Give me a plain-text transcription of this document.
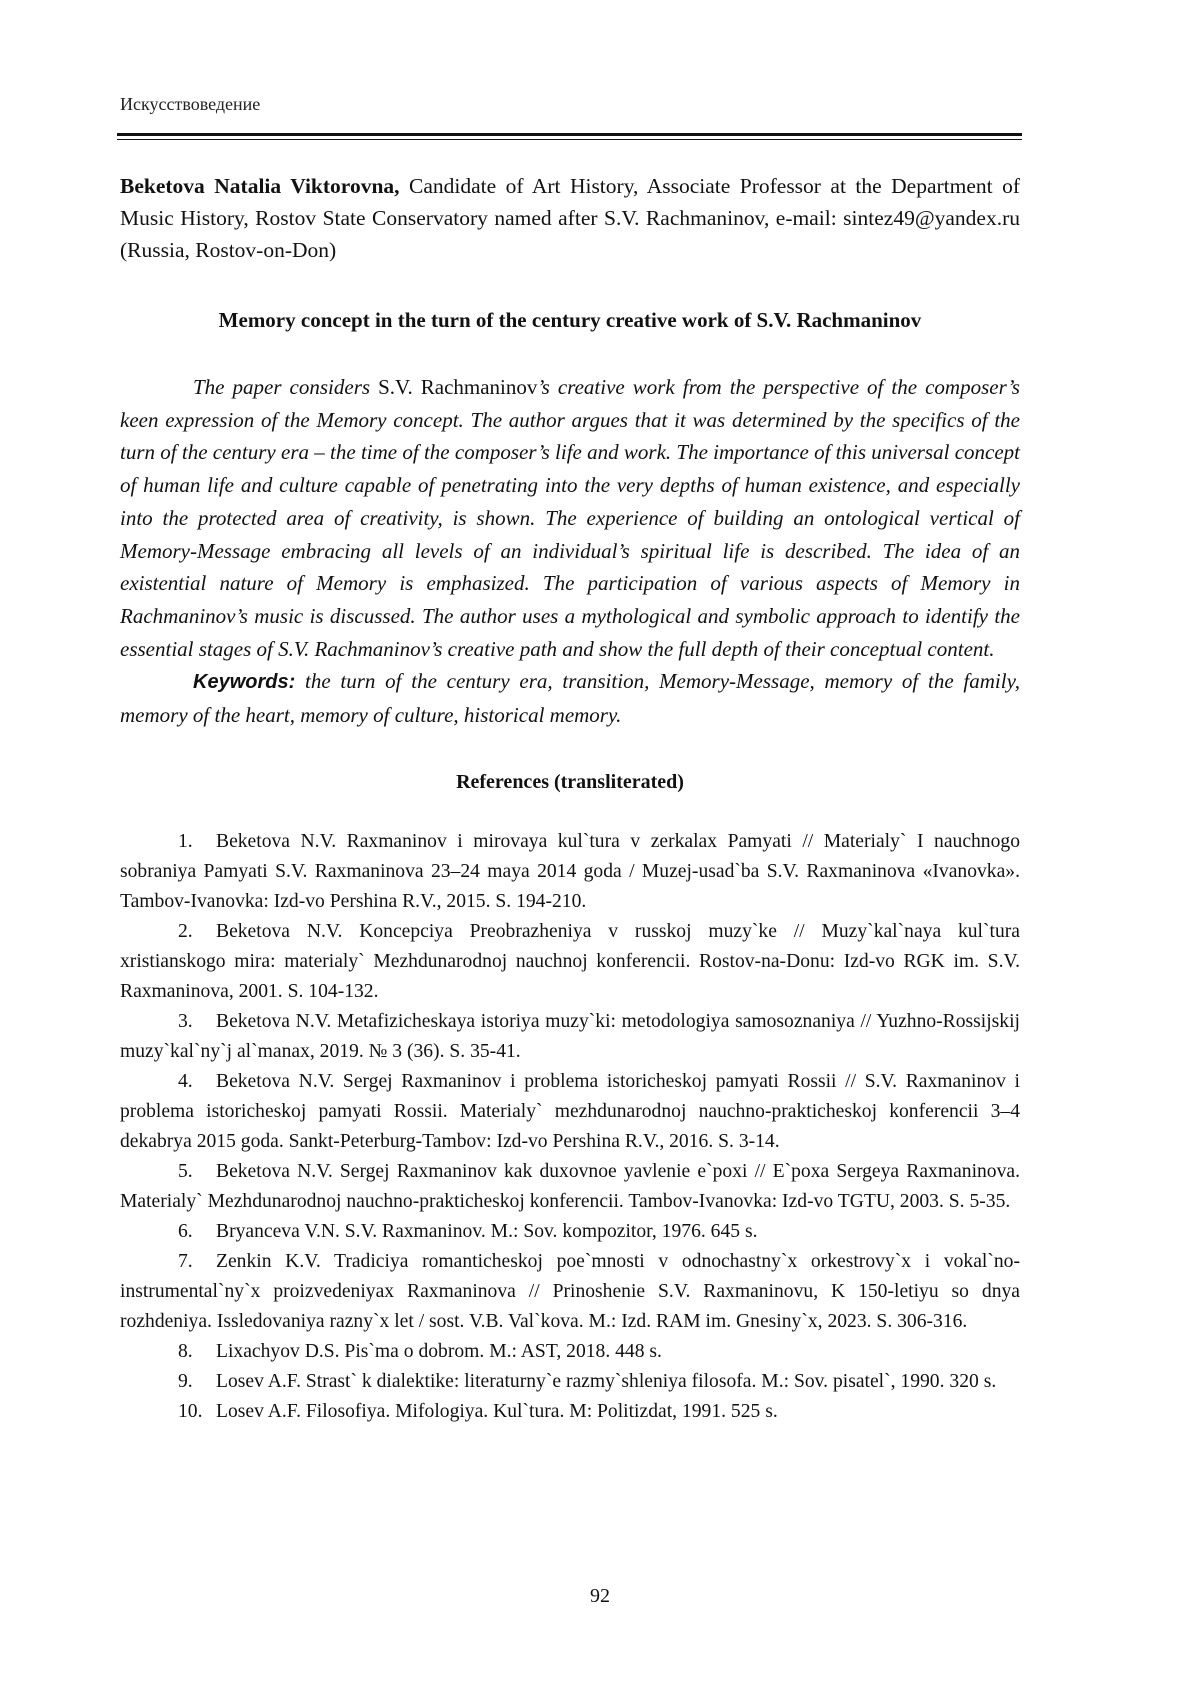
Искусствоведение

Beketova Natalia Viktorovna, Candidate of Art History, Associate Professor at the Department of Music History, Rostov State Conservatory named after S.V. Rachmaninov, e-mail: sintez49@yandex.ru (Russia, Rostov-on-Don)

Memory concept in the turn of the century creative work of S.V. Rachmaninov

The paper considers S.V. Rachmaninov’s creative work from the perspective of the composer’s keen expression of the Memory concept. The author argues that it was determined by the specifics of the turn of the century era – the time of the composer’s life and work. The importance of this universal concept of human life and culture capable of penetrating into the very depths of human existence, and especially into the protected area of creativity, is shown. The experience of building an ontological vertical of Memory-Message embracing all levels of an individual’s spiritual life is described. The idea of an existential nature of Memory is emphasized. The participation of various aspects of Memory in Rachmaninov’s music is discussed. The author uses a mythological and symbolic approach to identify the essential stages of S.V. Rachmaninov’s creative path and show the full depth of their conceptual content.

Keywords: the turn of the century era, transition, Memory-Message, memory of the family, memory of the heart, memory of culture, historical memory.

References (transliterated)
1. Beketova N.V. Raxmaninov i mirovaya kul`tura v zerkalax Pamyati // Materialy` I nauchnogo sobraniya Pamyati S.V. Raxmaninova 23–24 maya 2014 goda / Muzej-usad`ba S.V. Raxmaninova «Ivanovka». Tambov-Ivanovka: Izd-vo Pershina R.V., 2015. S. 194-210.
2. Beketova N.V. Koncepciya Preobrazheniya v russkoj muzy`ke // Muzy`kal`naya kul`tura xristianskogo mira: materialy` Mezhdunarodnoj nauchnoj konferencii. Rostov-na-Donu: Izd-vo RGK im. S.V. Raxmaninova, 2001. S. 104-132.
3. Beketova N.V. Metafizicheskaya istoriya muzy`ki: metodologiya samosoznaniya // Yuzhno-Rossijskij muzy`kal`ny`j al`manax, 2019. № 3 (36). S. 35-41.
4. Beketova N.V. Sergej Raxmaninov i problema istoricheskoj pamyati Rossii // S.V. Raxmaninov i problema istoricheskoj pamyati Rossii. Materialy` mezhdunarodnoj nauchno-prakticheskoj konferencii 3–4 dekabrya 2015 goda. Sankt-Peterburg-Tambov: Izd-vo Pershina R.V., 2016. S. 3-14.
5. Beketova N.V. Sergej Raxmaninov kak duxovnoe yavlenie e`poxi // E`poxa Sergeya Raxmaninova. Materialy` Mezhdunarodnoj nauchno-prakticheskoj konferencii. Tambov-Ivanovka: Izd-vo TGTU, 2003. S. 5-35.
6. Bryanceva V.N. S.V. Raxmaninov. M.: Sov. kompozitor, 1976. 645 s.
7. Zenkin K.V. Tradiciya romanticheskoj poe`mnosti v odnochastny`x orkestrovy`x i vokal`no-instrumental`ny`x proizvedeniyax Raxmaninova // Prinoshenie S.V. Raxmaninovu, K 150-letiyu so dnya rozhdeniya. Issledovaniya razny`x let / sost. V.B. Val`kova. M.: Izd. RAM im. Gnesiny`x, 2023. S. 306-316.
8. Lixachyov D.S. Pis`ma o dobrom. M.: AST, 2018. 448 s.
9. Losev A.F. Strast` k dialektike: literaturny`e razmy`shleniya filosofa. M.: Sov. pisatel`, 1990. 320 s.
10. Losev A.F. Filosofiya. Mifologiya. Kul`tura. M: Politizdat, 1991. 525 s.
92
